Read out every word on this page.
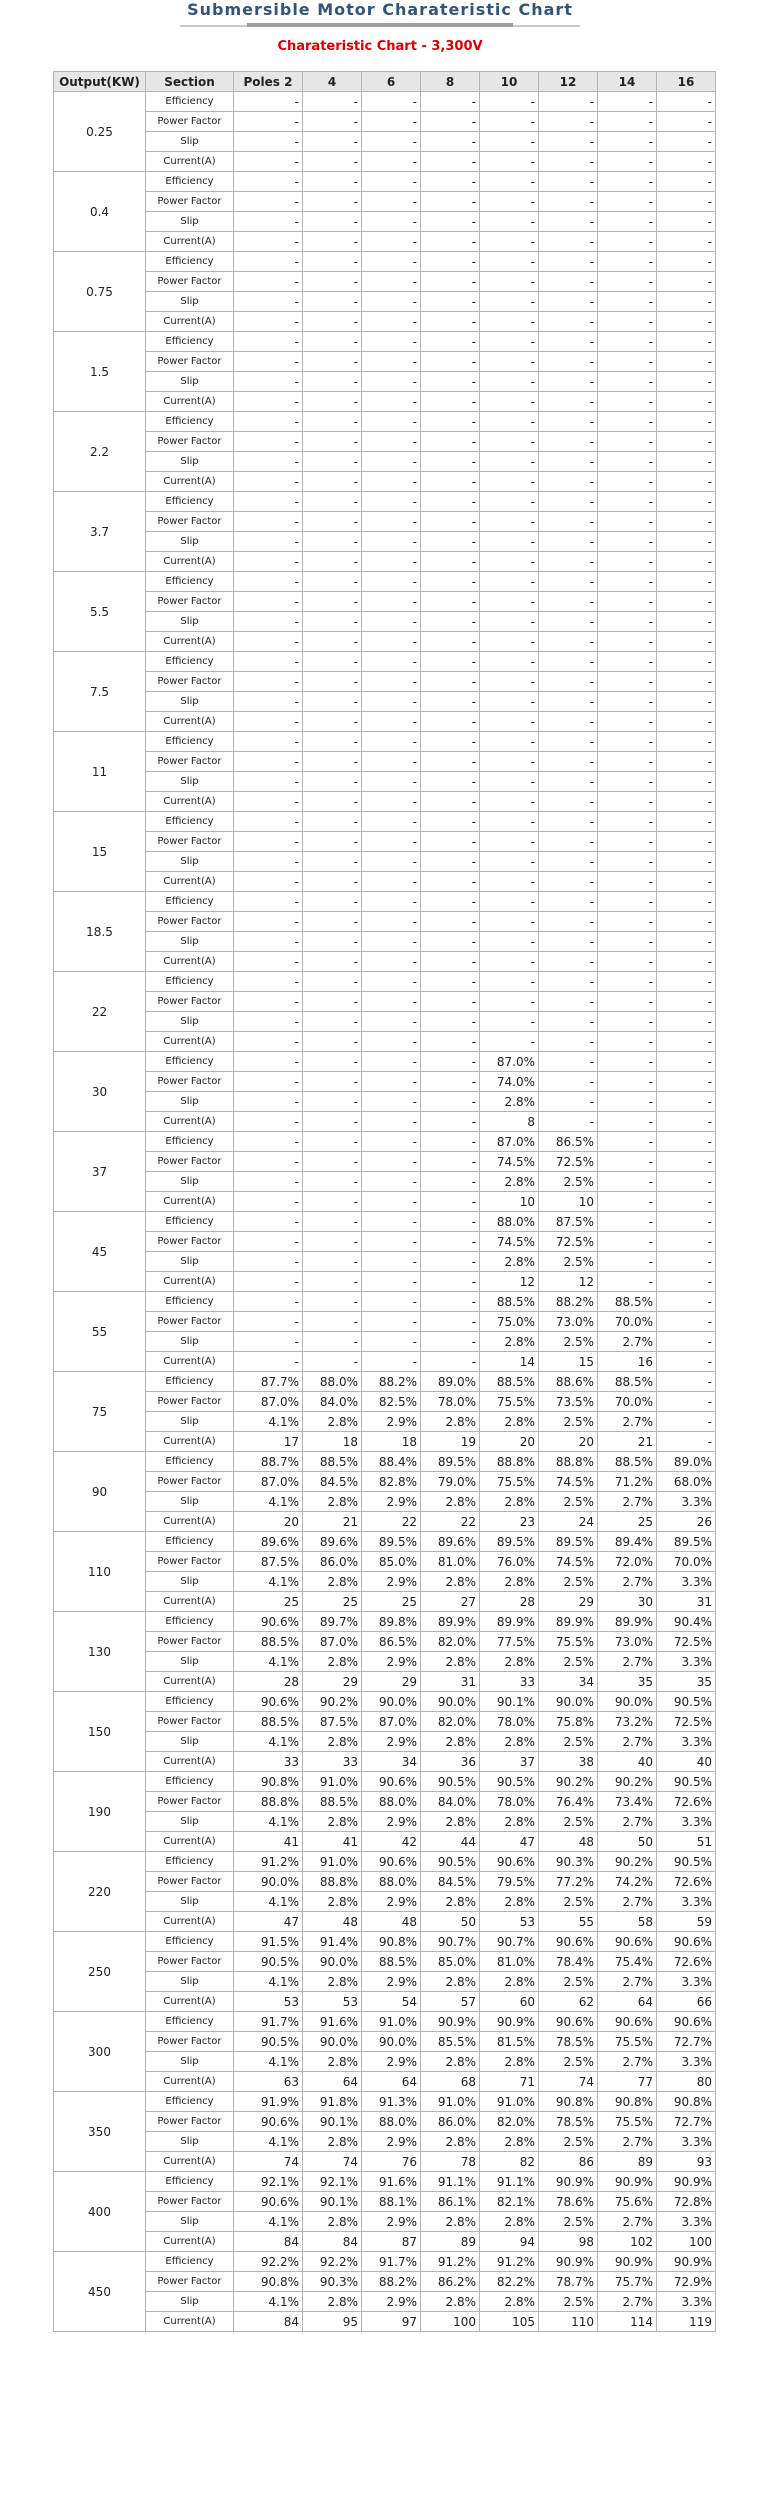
Submersible Motor Charateristic Chart
Charateristic Chart - 3,300V
Output(KW)	Section	Poles 2	4	6	8	10	12	14	16
0.25	Efficiency	-	-	-	-	-	-	-	-
	Power Factor	-	-	-	-	-	-	-	-
	Slip	-	-	-	-	-	-	-	-
	Current(A)	-	-	-	-	-	-	-	-
0.4	Efficiency	-	-	-	-	-	-	-	-
	Power Factor	-	-	-	-	-	-	-	-
	Slip	-	-	-	-	-	-	-	-
	Current(A)	-	-	-	-	-	-	-	-
0.75	Efficiency	-	-	-	-	-	-	-	-
	Power Factor	-	-	-	-	-	-	-	-
	Slip	-	-	-	-	-	-	-	-
	Current(A)	-	-	-	-	-	-	-	-
1.5	Efficiency	-	-	-	-	-	-	-	-
	Power Factor	-	-	-	-	-	-	-	-
	Slip	-	-	-	-	-	-	-	-
	Current(A)	-	-	-	-	-	-	-	-
2.2	Efficiency	-	-	-	-	-	-	-	-
	Power Factor	-	-	-	-	-	-	-	-
	Slip	-	-	-	-	-	-	-	-
	Current(A)	-	-	-	-	-	-	-	-
3.7	Efficiency	-	-	-	-	-	-	-	-
	Power Factor	-	-	-	-	-	-	-	-
	Slip	-	-	-	-	-	-	-	-
	Current(A)	-	-	-	-	-	-	-	-
5.5	Efficiency	-	-	-	-	-	-	-	-
	Power Factor	-	-	-	-	-	-	-	-
	Slip	-	-	-	-	-	-	-	-
	Current(A)	-	-	-	-	-	-	-	-
7.5	Efficiency	-	-	-	-	-	-	-	-
	Power Factor	-	-	-	-	-	-	-	-
	Slip	-	-	-	-	-	-	-	-
	Current(A)	-	-	-	-	-	-	-	-
11	Efficiency	-	-	-	-	-	-	-	-
	Power Factor	-	-	-	-	-	-	-	-
	Slip	-	-	-	-	-	-	-	-
	Current(A)	-	-	-	-	-	-	-	-
15	Efficiency	-	-	-	-	-	-	-	-
	Power Factor	-	-	-	-	-	-	-	-
	Slip	-	-	-	-	-	-	-	-
	Current(A)	-	-	-	-	-	-	-	-
18.5	Efficiency	-	-	-	-	-	-	-	-
	Power Factor	-	-	-	-	-	-	-	-
	Slip	-	-	-	-	-	-	-	-
	Current(A)	-	-	-	-	-	-	-	-
22	Efficiency	-	-	-	-	-	-	-	-
	Power Factor	-	-	-	-	-	-	-	-
	Slip	-	-	-	-	-	-	-	-
	Current(A)	-	-	-	-	-	-	-	-
30	Efficiency	-	-	-	-	87.0%	-	-	-
	Power Factor	-	-	-	-	74.0%	-	-	-
	Slip	-	-	-	-	2.8%	-	-	-
	Current(A)	-	-	-	-	8	-	-	-
37	Efficiency	-	-	-	-	87.0%	86.5%	-	-
	Power Factor	-	-	-	-	74.5%	72.5%	-	-
	Slip	-	-	-	-	2.8%	2.5%	-	-
	Current(A)	-	-	-	-	10	10	-	-
45	Efficiency	-	-	-	-	88.0%	87.5%	-	-
	Power Factor	-	-	-	-	74.5%	72.5%	-	-
	Slip	-	-	-	-	2.8%	2.5%	-	-
	Current(A)	-	-	-	-	12	12	-	-
55	Efficiency	-	-	-	-	88.5%	88.2%	88.5%	-
	Power Factor	-	-	-	-	75.0%	73.0%	70.0%	-
	Slip	-	-	-	-	2.8%	2.5%	2.7%	-
	Current(A)	-	-	-	-	14	15	16	-
75	Efficiency	87.7%	88.0%	88.2%	89.0%	88.5%	88.6%	88.5%	-
	Power Factor	87.0%	84.0%	82.5%	78.0%	75.5%	73.5%	70.0%	-
	Slip	4.1%	2.8%	2.9%	2.8%	2.8%	2.5%	2.7%	-
	Current(A)	17	18	18	19	20	20	21	-
90	Efficiency	88.7%	88.5%	88.4%	89.5%	88.8%	88.8%	88.5%	89.0%
	Power Factor	87.0%	84.5%	82.8%	79.0%	75.5%	74.5%	71.2%	68.0%
	Slip	4.1%	2.8%	2.9%	2.8%	2.8%	2.5%	2.7%	3.3%
	Current(A)	20	21	22	22	23	24	25	26
110	Efficiency	89.6%	89.6%	89.5%	89.6%	89.5%	89.5%	89.4%	89.5%
	Power Factor	87.5%	86.0%	85.0%	81.0%	76.0%	74.5%	72.0%	70.0%
	Slip	4.1%	2.8%	2.9%	2.8%	2.8%	2.5%	2.7%	3.3%
	Current(A)	25	25	25	27	28	29	30	31
130	Efficiency	90.6%	89.7%	89.8%	89.9%	89.9%	89.9%	89.9%	90.4%
	Power Factor	88.5%	87.0%	86.5%	82.0%	77.5%	75.5%	73.0%	72.5%
	Slip	4.1%	2.8%	2.9%	2.8%	2.8%	2.5%	2.7%	3.3%
	Current(A)	28	29	29	31	33	34	35	35
150	Efficiency	90.6%	90.2%	90.0%	90.0%	90.1%	90.0%	90.0%	90.5%
	Power Factor	88.5%	87.5%	87.0%	82.0%	78.0%	75.8%	73.2%	72.5%
	Slip	4.1%	2.8%	2.9%	2.8%	2.8%	2.5%	2.7%	3.3%
	Current(A)	33	33	34	36	37	38	40	40
190	Efficiency	90.8%	91.0%	90.6%	90.5%	90.5%	90.2%	90.2%	90.5%
	Power Factor	88.8%	88.5%	88.0%	84.0%	78.0%	76.4%	73.4%	72.6%
	Slip	4.1%	2.8%	2.9%	2.8%	2.8%	2.5%	2.7%	3.3%
	Current(A)	41	41	42	44	47	48	50	51
220	Efficiency	91.2%	91.0%	90.6%	90.5%	90.6%	90.3%	90.2%	90.5%
	Power Factor	90.0%	88.8%	88.0%	84.5%	79.5%	77.2%	74.2%	72.6%
	Slip	4.1%	2.8%	2.9%	2.8%	2.8%	2.5%	2.7%	3.3%
	Current(A)	47	48	48	50	53	55	58	59
250	Efficiency	91.5%	91.4%	90.8%	90.7%	90.7%	90.6%	90.6%	90.6%
	Power Factor	90.5%	90.0%	88.5%	85.0%	81.0%	78.4%	75.4%	72.6%
	Slip	4.1%	2.8%	2.9%	2.8%	2.8%	2.5%	2.7%	3.3%
	Current(A)	53	53	54	57	60	62	64	66
300	Efficiency	91.7%	91.6%	91.0%	90.9%	90.9%	90.6%	90.6%	90.6%
	Power Factor	90.5%	90.0%	90.0%	85.5%	81.5%	78.5%	75.5%	72.7%
	Slip	4.1%	2.8%	2.9%	2.8%	2.8%	2.5%	2.7%	3.3%
	Current(A)	63	64	64	68	71	74	77	80
350	Efficiency	91.9%	91.8%	91.3%	91.0%	91.0%	90.8%	90.8%	90.8%
	Power Factor	90.6%	90.1%	88.0%	86.0%	82.0%	78.5%	75.5%	72.7%
	Slip	4.1%	2.8%	2.9%	2.8%	2.8%	2.5%	2.7%	3.3%
	Current(A)	74	74	76	78	82	86	89	93
400	Efficiency	92.1%	92.1%	91.6%	91.1%	91.1%	90.9%	90.9%	90.9%
	Power Factor	90.6%	90.1%	88.1%	86.1%	82.1%	78.6%	75.6%	72.8%
	Slip	4.1%	2.8%	2.9%	2.8%	2.8%	2.5%	2.7%	3.3%
	Current(A)	84	84	87	89	94	98	102	100
450	Efficiency	92.2%	92.2%	91.7%	91.2%	91.2%	90.9%	90.9%	90.9%
	Power Factor	90.8%	90.3%	88.2%	86.2%	82.2%	78.7%	75.7%	72.9%
	Slip	4.1%	2.8%	2.9%	2.8%	2.8%	2.5%	2.7%	3.3%
	Current(A)	84	95	97	100	105	110	114	119
